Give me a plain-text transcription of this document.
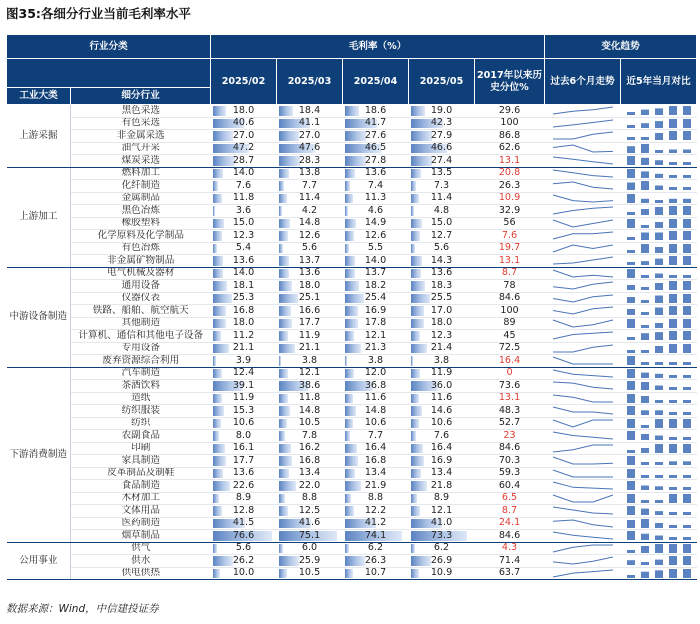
图35:各细分行业当前毛利率水平
行业分类		毛利率（%）					变化趋势	
		2025/02	2025/03	2025/04	2025/05	2017年以来历史分位%	过去6个月走势	近5年当月对比
工业大类	细分行业							
上游采掘	黑色采选	18.0	18.4	18.6	19.0	29.6	

	有色采选	40.6	41.1	41.7	42.3	100	

	非金属采选	27.0	27.0	27.6	27.9	86.8	

	油气开采	47.2	47.6	46.5	46.6	62.6	

	煤炭采选	28.7	28.3	27.8	27.4	13.1	

上游加工	燃料加工	14.0	13.8	13.6	13.5	20.8	

	化纤制造	7.6	7.7	7.4	7.3	26.3	

	金属制品	11.8	11.4	11.3	11.4	10.9	

	黑色冶炼	3.6	4.2	4.6	4.8	32.9	

	橡胶塑料	15.0	14.8	14.9	15.0	56	

	化学原料及化学制品	12.3	12.6	12.6	12.7	7.6	

	有色冶炼	5.4	5.6	5.5	5.6	19.7	

	非金属矿物制品	13.6	13.7	14.0	14.3	13.1	

中游设备制造	电气机械及器材	14.0	13.6	13.7	13.6	8.7	

	通用设备	18.1	18.0	18.2	18.3	78	

	仪器仪表	25.3	25.1	25.4	25.5	84.6	

	铁路、船舶、航空航天	16.8	16.6	16.9	17.0	100	

	其他制造	18.0	17.7	17.8	18.0	89	

	计算机、通信和其他电子设备	11.2	11.9	12.1	12.3	45	

	专用设备	21.1	21.1	21.3	21.4	72.5	

	废弃资源综合利用	3.9	3.8	3.8	3.8	16.4	

下游消费制造	汽车制造	12.4	12.1	12.0	11.9	0	

	茶酒饮料	39.1	38.6	36.8	36.0	73.6	

	造纸	11.9	11.8	11.6	11.6	13.1	

	纺织服装	15.3	14.8	14.8	14.6	48.3	

	纺织	10.6	10.5	10.6	10.6	52.7	

	农副食品	8.0	7.8	7.7	7.6	23	

	印刷	16.1	16.2	16.4	16.4	84.6	

	家具制造	17.7	16.8	16.8	16.9	70.3	

	皮革制品及制鞋	13.6	13.4	13.4	13.4	59.3	

	食品制造	22.6	22.0	21.9	21.8	60.4	

	木材加工	8.9	8.8	8.8	8.9	6.5	

	文体用品	12.8	12.5	12.2	12.1	8.7	

	医药制造	41.5	41.6	41.2	41.0	24.1	

	烟草制品	76.6	75.1	74.1	73.3	84.6	

公用事业	供气	5.6	6.0	6.2	6.2	4.3	

	供水	26.2	25.9	26.3	26.9	71.4	

	供电供热	10.0	10.5	10.7	10.9	63.7	

数据来源：Wind，中信建投证券
